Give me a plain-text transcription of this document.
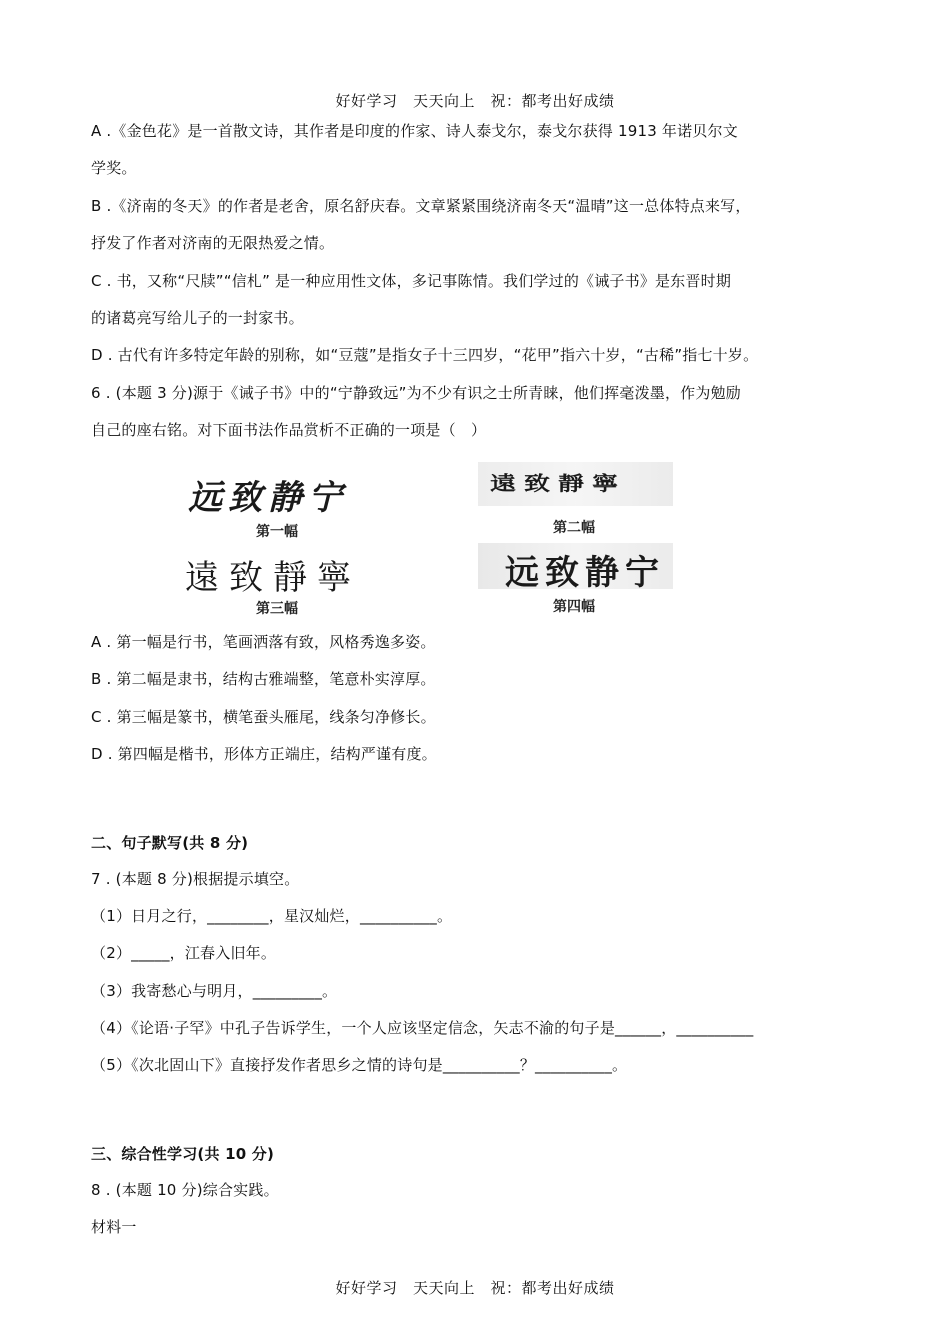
好好学习　天天向上　祝：都考出好成绩
A .《金色花》是一首散文诗，其作者是印度的作家、诗人泰戈尔，泰戈尔获得 1913 年诺贝尔文
学奖。
B .《济南的冬天》的作者是老舍，原名舒庆春。文章紧紧围绕济南冬天“温晴”这一总体特点来写，
抒发了作者对济南的无限热爱之情。
C . 书，又称“尺牍”“信札” 是一种应用性文体，多记事陈情。我们学过的《诫子书》是东晋时期
的诸葛亮写给儿子的一封家书。
D . 古代有许多特定年龄的别称，如“豆蔻”是指女子十三四岁，“花甲”指六十岁，“古稀”指七十岁。
6 . (本题 3 分)源于《诫子书》中的“宁静致远”为不少有识之士所青睐，他们挥毫泼墨，作为勉励
自己的座右铭。对下面书法作品赏析不正确的一项是（　）
远致静宁
第一幅
遠致靜寧
第二幅
遠致靜寧
第三幅
远致静宁
第四幅
A . 第一幅是行书，笔画洒落有致，风格秀逸多姿。
B . 第二幅是隶书，结构古雅端整，笔意朴实淳厚。
C . 第三幅是篆书，横笔蚕头雁尾，线条匀净修长。
D . 第四幅是楷书，形体方正端庄，结构严谨有度。
二、句子默写(共 8 分)
7 . (本题 8 分)根据提示填空。
（1）日月之行，________，星汉灿烂，__________。
（2）_____，江春入旧年。
（3）我寄愁心与明月，_________。
（4）《论语·子罕》中孔子告诉学生，一个人应该坚定信念，矢志不渝的句子是______，__________
（5）《次北固山下》直接抒发作者思乡之情的诗句是__________？__________。
三、综合性学习(共 10 分)
8 . (本题 10 分)综合实践。
材料一
好好学习　天天向上　祝：都考出好成绩
